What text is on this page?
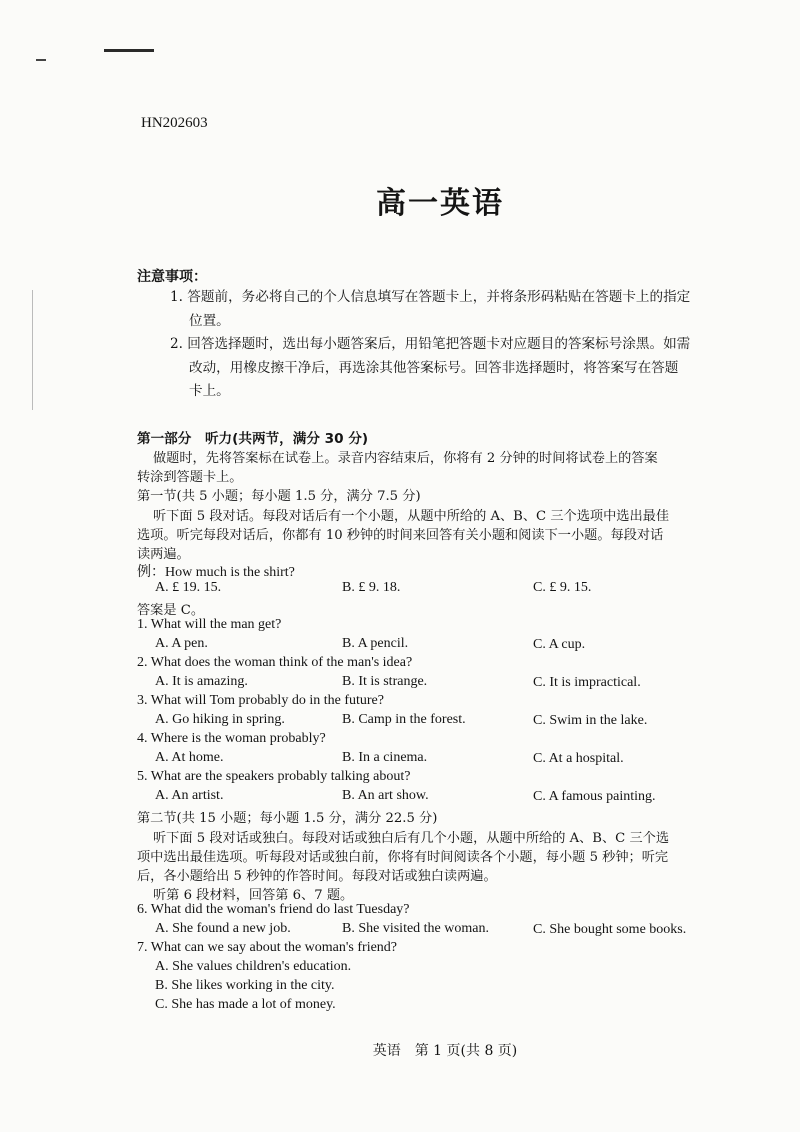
HN202603
高一英语
注意事项：
1. 答题前，务必将自己的个人信息填写在答题卡上，并将条形码粘贴在答题卡上的指定
位置。
2. 回答选择题时，选出每小题答案后，用铅笔把答题卡对应题目的答案标号涂黑。如需
改动，用橡皮擦干净后，再选涂其他答案标号。回答非选择题时，将答案写在答题
卡上。
第一部分　听力(共两节，满分 30 分)
做题时，先将答案标在试卷上。录音内容结束后，你将有 2 分钟的时间将试卷上的答案
转涂到答题卡上。
第一节(共 5 小题；每小题 1.5 分，满分 7.5 分)
听下面 5 段对话。每段对话后有一个小题，从题中所给的 A、B、C 三个选项中选出最佳
选项。听完每段对话后，你都有 10 秒钟的时间来回答有关小题和阅读下一小题。每段对话
读两遍。
例：How much is the shirt?
A. £ 19. 15.	B. £ 9. 18.	C. £ 9. 15.
答案是 C。
1. What will the man get?
A. A pen.	B. A pencil.	C. A cup.
2. What does the woman think of the man's idea?
A. It is amazing.	B. It is strange.	C. It is impractical.
3. What will Tom probably do in the future?
A. Go hiking in spring.	B. Camp in the forest.	C. Swim in the lake.
4. Where is the woman probably?
A. At home.	B. In a cinema.	C. At a hospital.
5. What are the speakers probably talking about?
A. An artist.	B. An art show.	C. A famous painting.
第二节(共 15 小题；每小题 1.5 分，满分 22.5 分)
听下面 5 段对话或独白。每段对话或独白后有几个小题，从题中所给的 A、B、C 三个选
项中选出最佳选项。听每段对话或独白前，你将有时间阅读各个小题，每小题 5 秒钟；听完
后，各小题给出 5 秒钟的作答时间。每段对话或独白读两遍。
听第 6 段材料，回答第 6、7 题。
6. What did the woman's friend do last Tuesday?
A. She found a new job.	B. She visited the woman.	C. She bought some books.
7. What can we say about the woman's friend?
A. She values children's education.
B. She likes working in the city.
C. She has made a lot of money.
英语　第 1 页(共 8 页)
